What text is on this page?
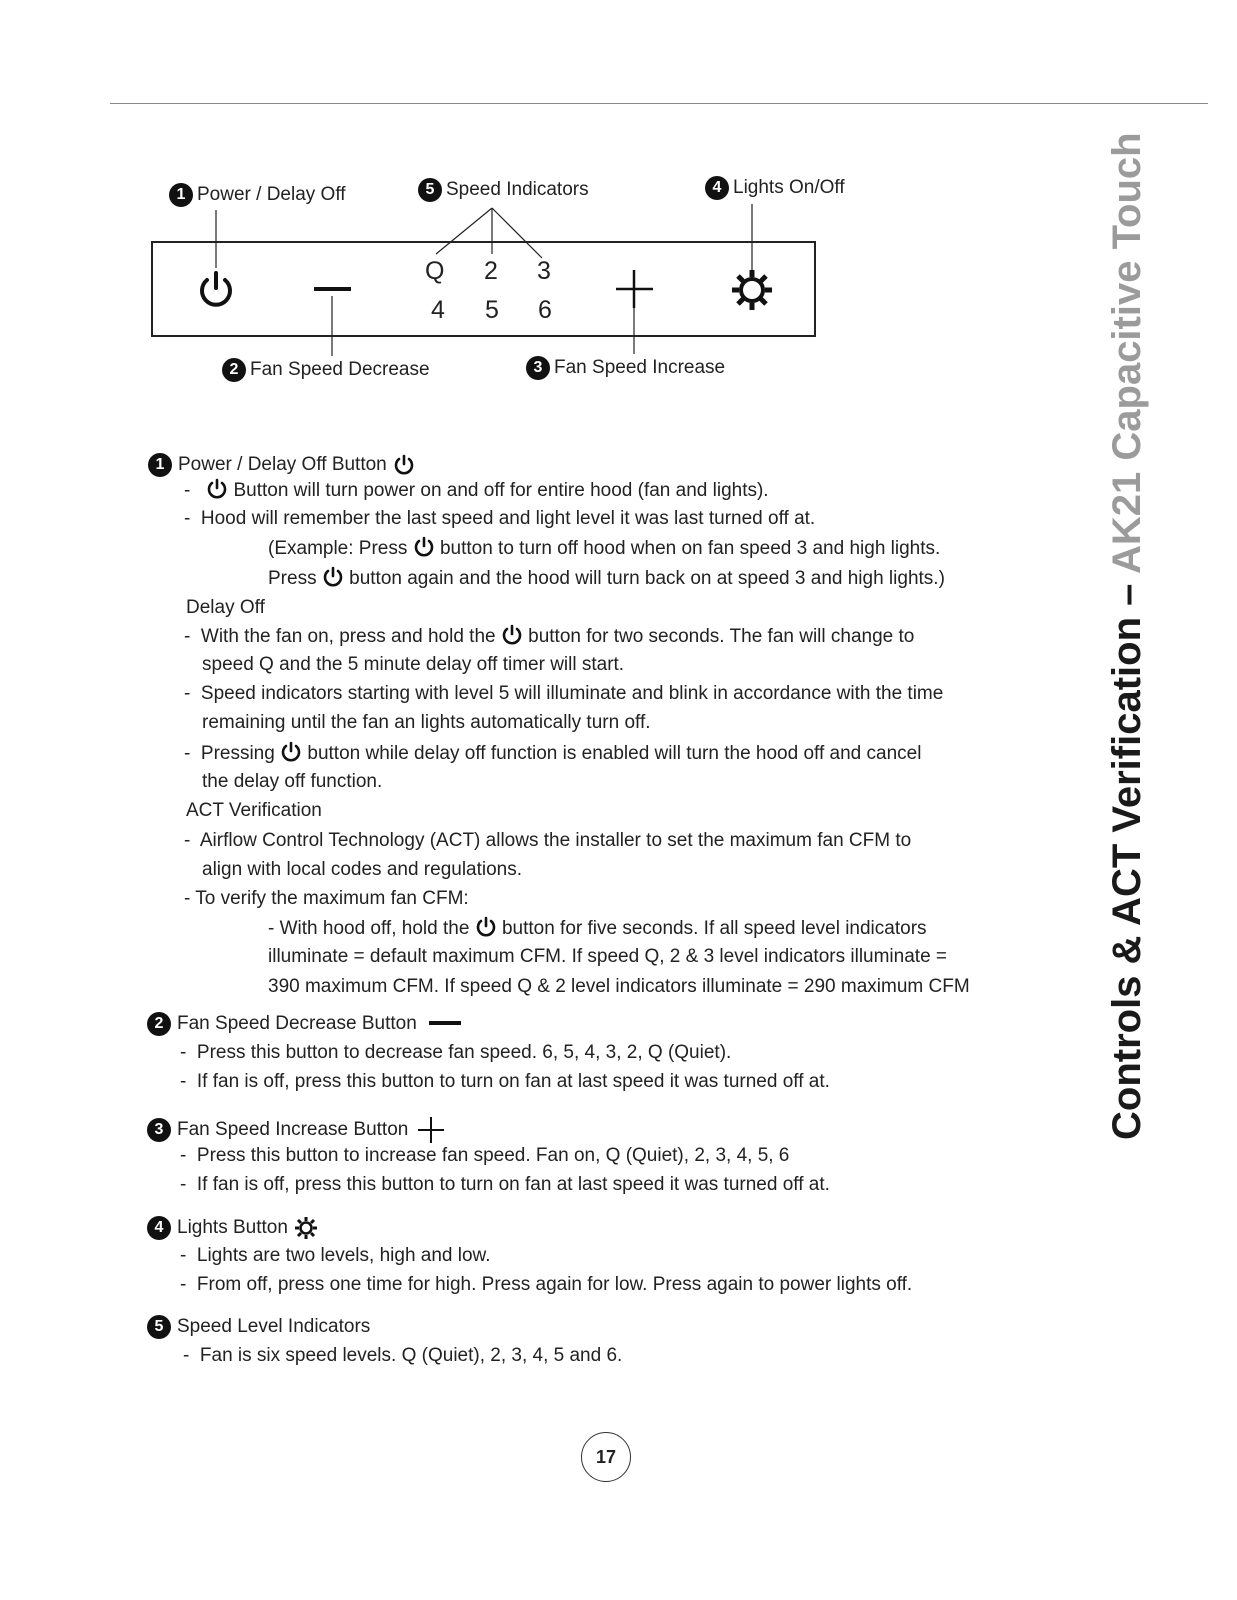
Controls & ACT Verification – AK21 Capacitive Touch
Q 2 3
4 5 6
1 Power / Delay Off	5 Speed Indicators	4 Lights On/Off
2 Fan Speed Decrease	3 Fan Speed Increase
1 Power / Delay Off Button
-    Button will turn power on and off for entire hood (fan and lights).
-  Hood will remember the last speed and light level it was last turned off at.
(Example: Press button to turn off hood when on fan speed 3 and high lights.
Press button again and the hood will turn back on at speed 3 and high lights.)
Delay Off
-  With the fan on, press and hold the button for two seconds. The fan will change to
speed Q and the 5 minute delay off timer will start.
-  Speed indicators starting with level 5 will illuminate and blink in accordance with the time
remaining until the fan an lights automatically turn off.
-  Pressing button while delay off function is enabled will turn the hood off and cancel
the delay off function.
ACT Verification
-  Airflow Control Technology (ACT) allows the installer to set the maximum fan CFM to
align with local codes and regulations.
- To verify the maximum fan CFM:
- With hood off, hold the button for five seconds. If all speed level indicators
illuminate = default maximum CFM. If speed Q, 2 & 3 level indicators illuminate =
390 maximum CFM. If speed Q & 2 level indicators illuminate = 290 maximum CFM
2 Fan Speed Decrease Button
-  Press this button to decrease fan speed. 6, 5, 4, 3, 2, Q (Quiet).
-  If fan is off, press this button to turn on fan at last speed it was turned off at.
3 Fan Speed Increase Button
-  Press this button to increase fan speed. Fan on, Q (Quiet), 2, 3, 4, 5, 6
-  If fan is off, press this button to turn on fan at last speed it was turned off at.
4 Lights Button
-  Lights are two levels, high and low.
-  From off, press one time for high. Press again for low. Press again to power lights off.
5 Speed Level Indicators
-  Fan is six speed levels. Q (Quiet), 2, 3, 4, 5 and 6.
17
